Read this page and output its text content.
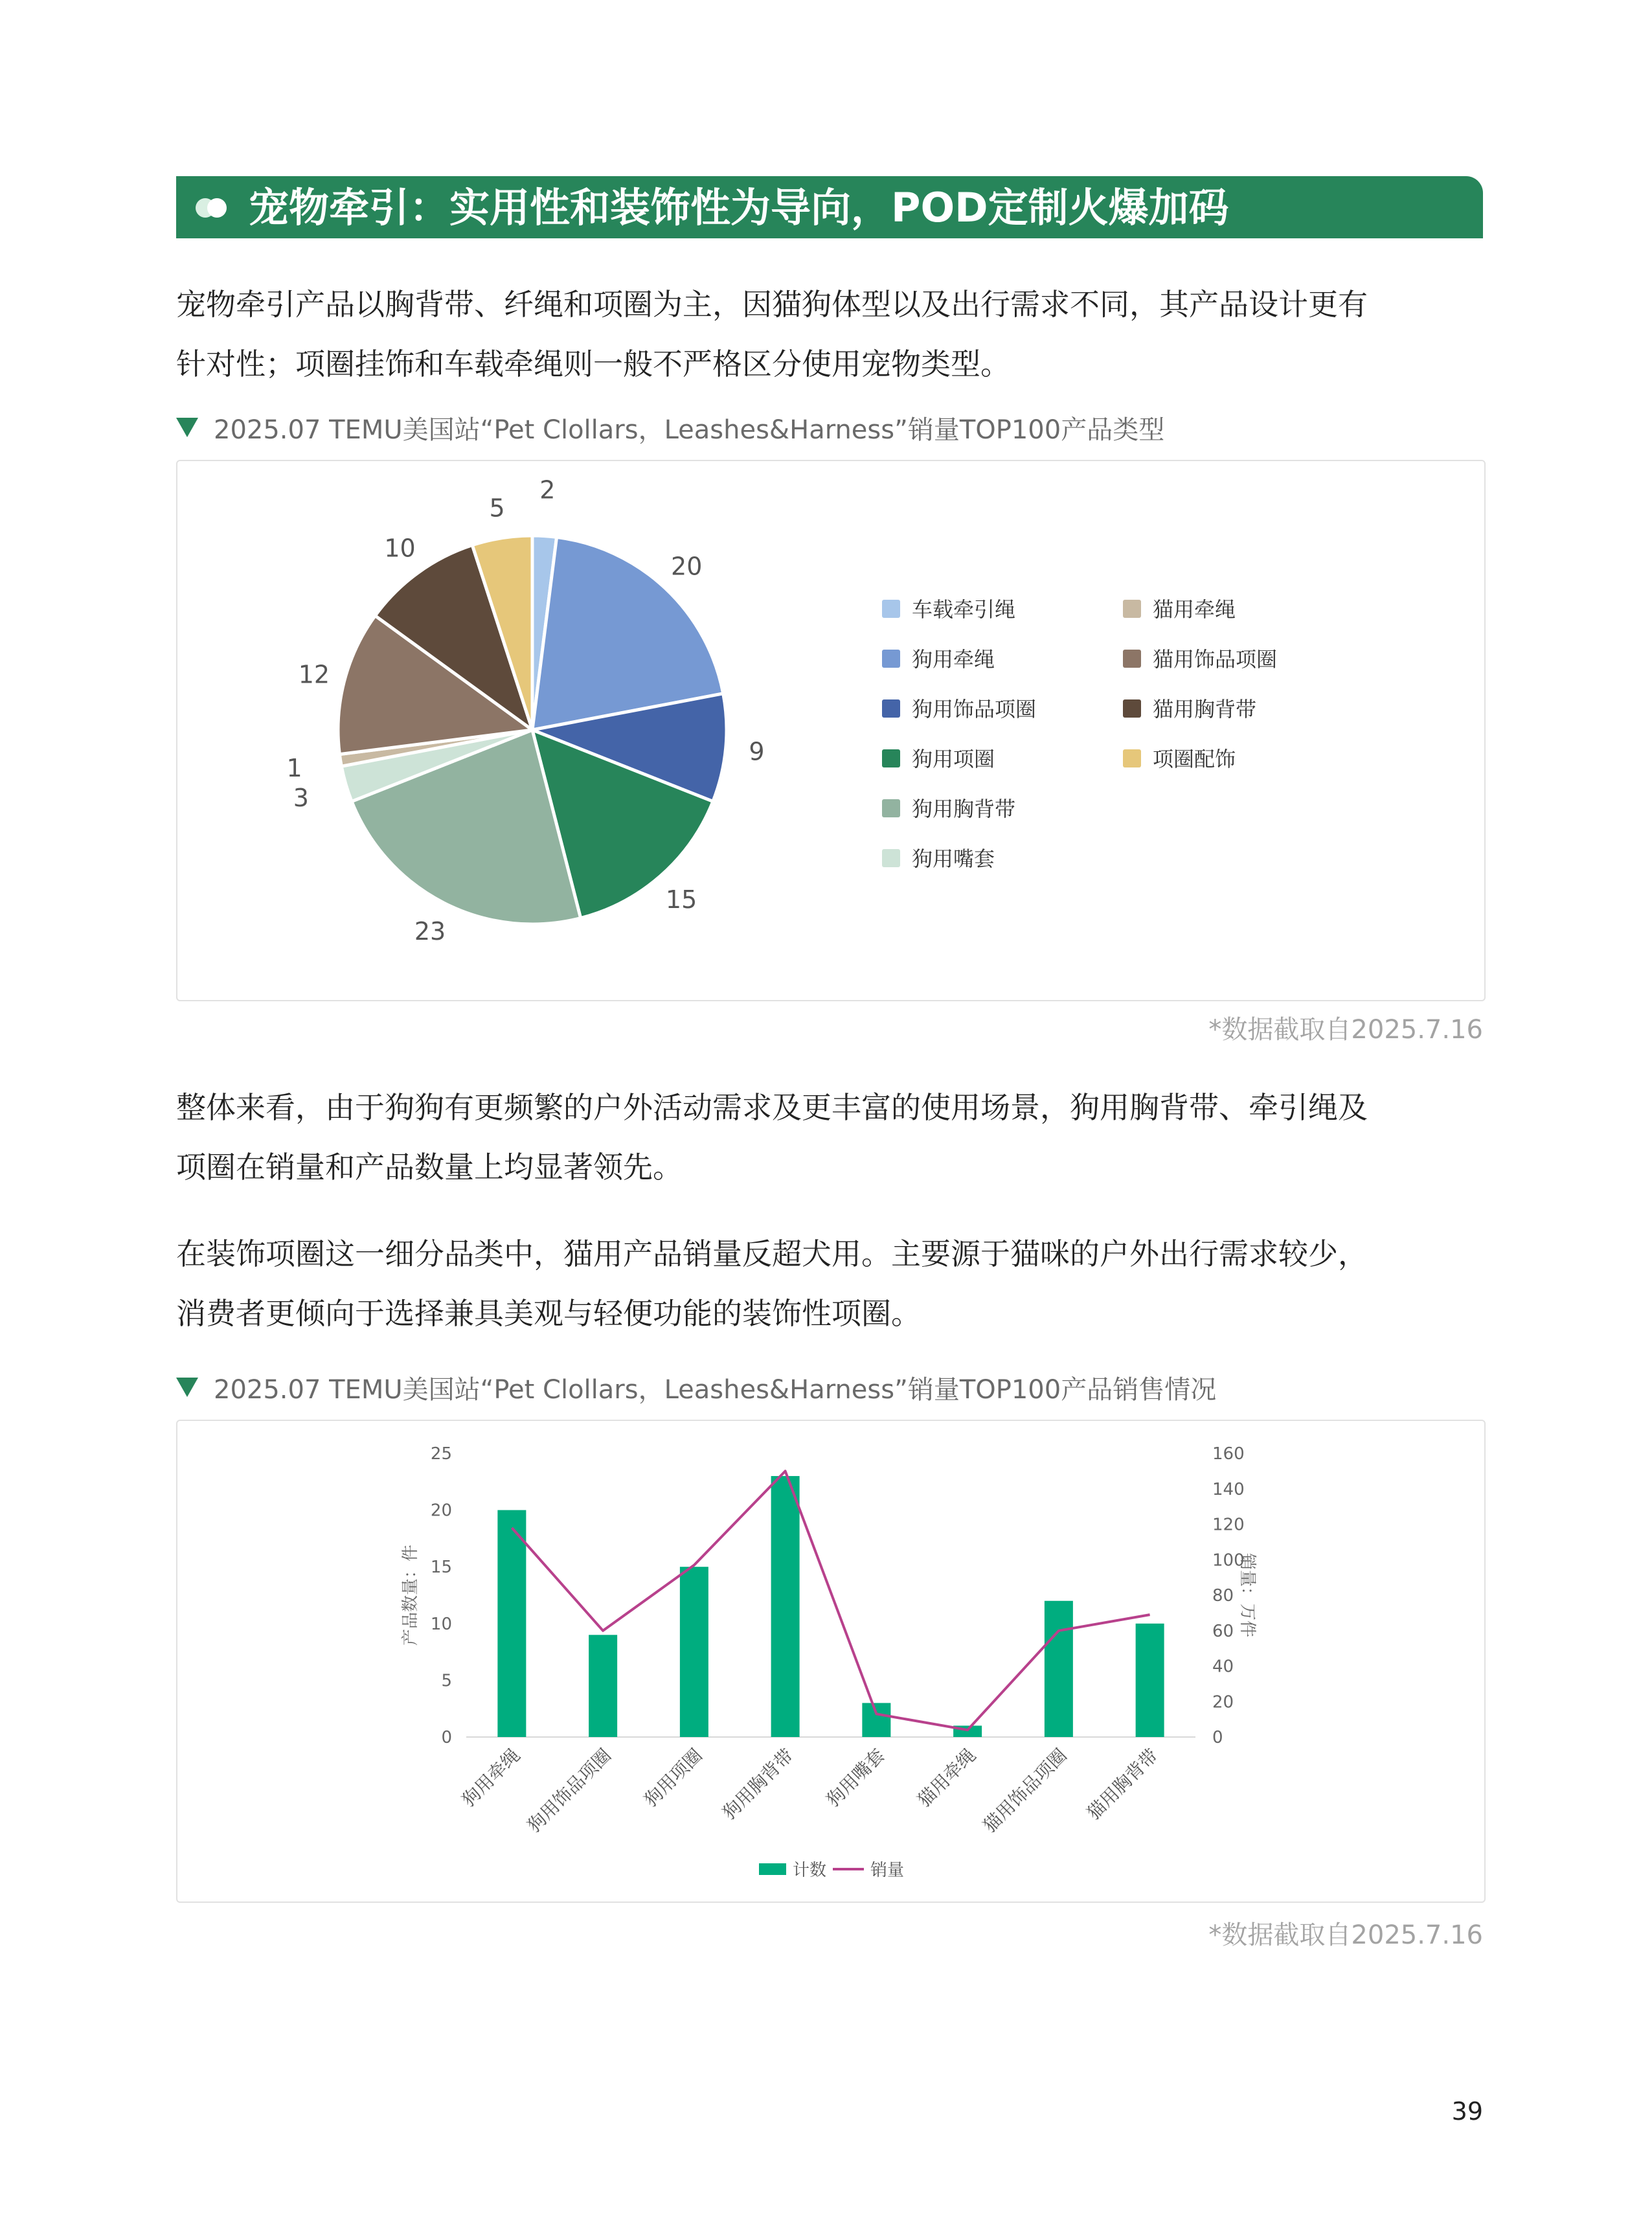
宠物牵引：实用性和装饰性为导向，POD定制火爆加码
宠物牵引产品以胸背带、纤绳和项圈为主，因猫狗体型以及出行需求不同，其产品设计更有
针对性；项圈挂饰和车载牵绳则一般不严格区分使用宠物类型。
2025.07 TEMU美国站“Pet Clollars，Leashes&Harness”销量TOP100产品类型
2
20
9
15
23
3
1
12
10
5
车载牵引绳
狗用牵绳
狗用饰品项圈
狗用项圈
狗用胸背带
狗用嘴套
猫用牵绳
猫用饰品项圈
猫用胸背带
项圈配饰
*数据截取自2025.7.16
整体来看，由于狗狗有更频繁的户外活动需求及更丰富的使用场景，狗用胸背带、牵引绳及
项圈在销量和产品数量上均显著领先。
在装饰项圈这一细分品类中，猫用产品销量反超犬用。主要源于猫咪的户外出行需求较少，
消费者更倾向于选择兼具美观与轻便功能的装饰性项圈。
2025.07 TEMU美国站“Pet Clollars，Leashes&Harness”销量TOP100产品销售情况
0
5
10
15
20
25
0
20
40
60
80
100
120
140
160
产品数量：件	销量：万件
狗用牵绳
狗用饰品项圈 狗用项圈 狗用胸背带 狗用嘴套 猫用牵绳
猫用饰品项圈 猫用胸背带
计数	销量
*数据截取自2025.7.16
39
